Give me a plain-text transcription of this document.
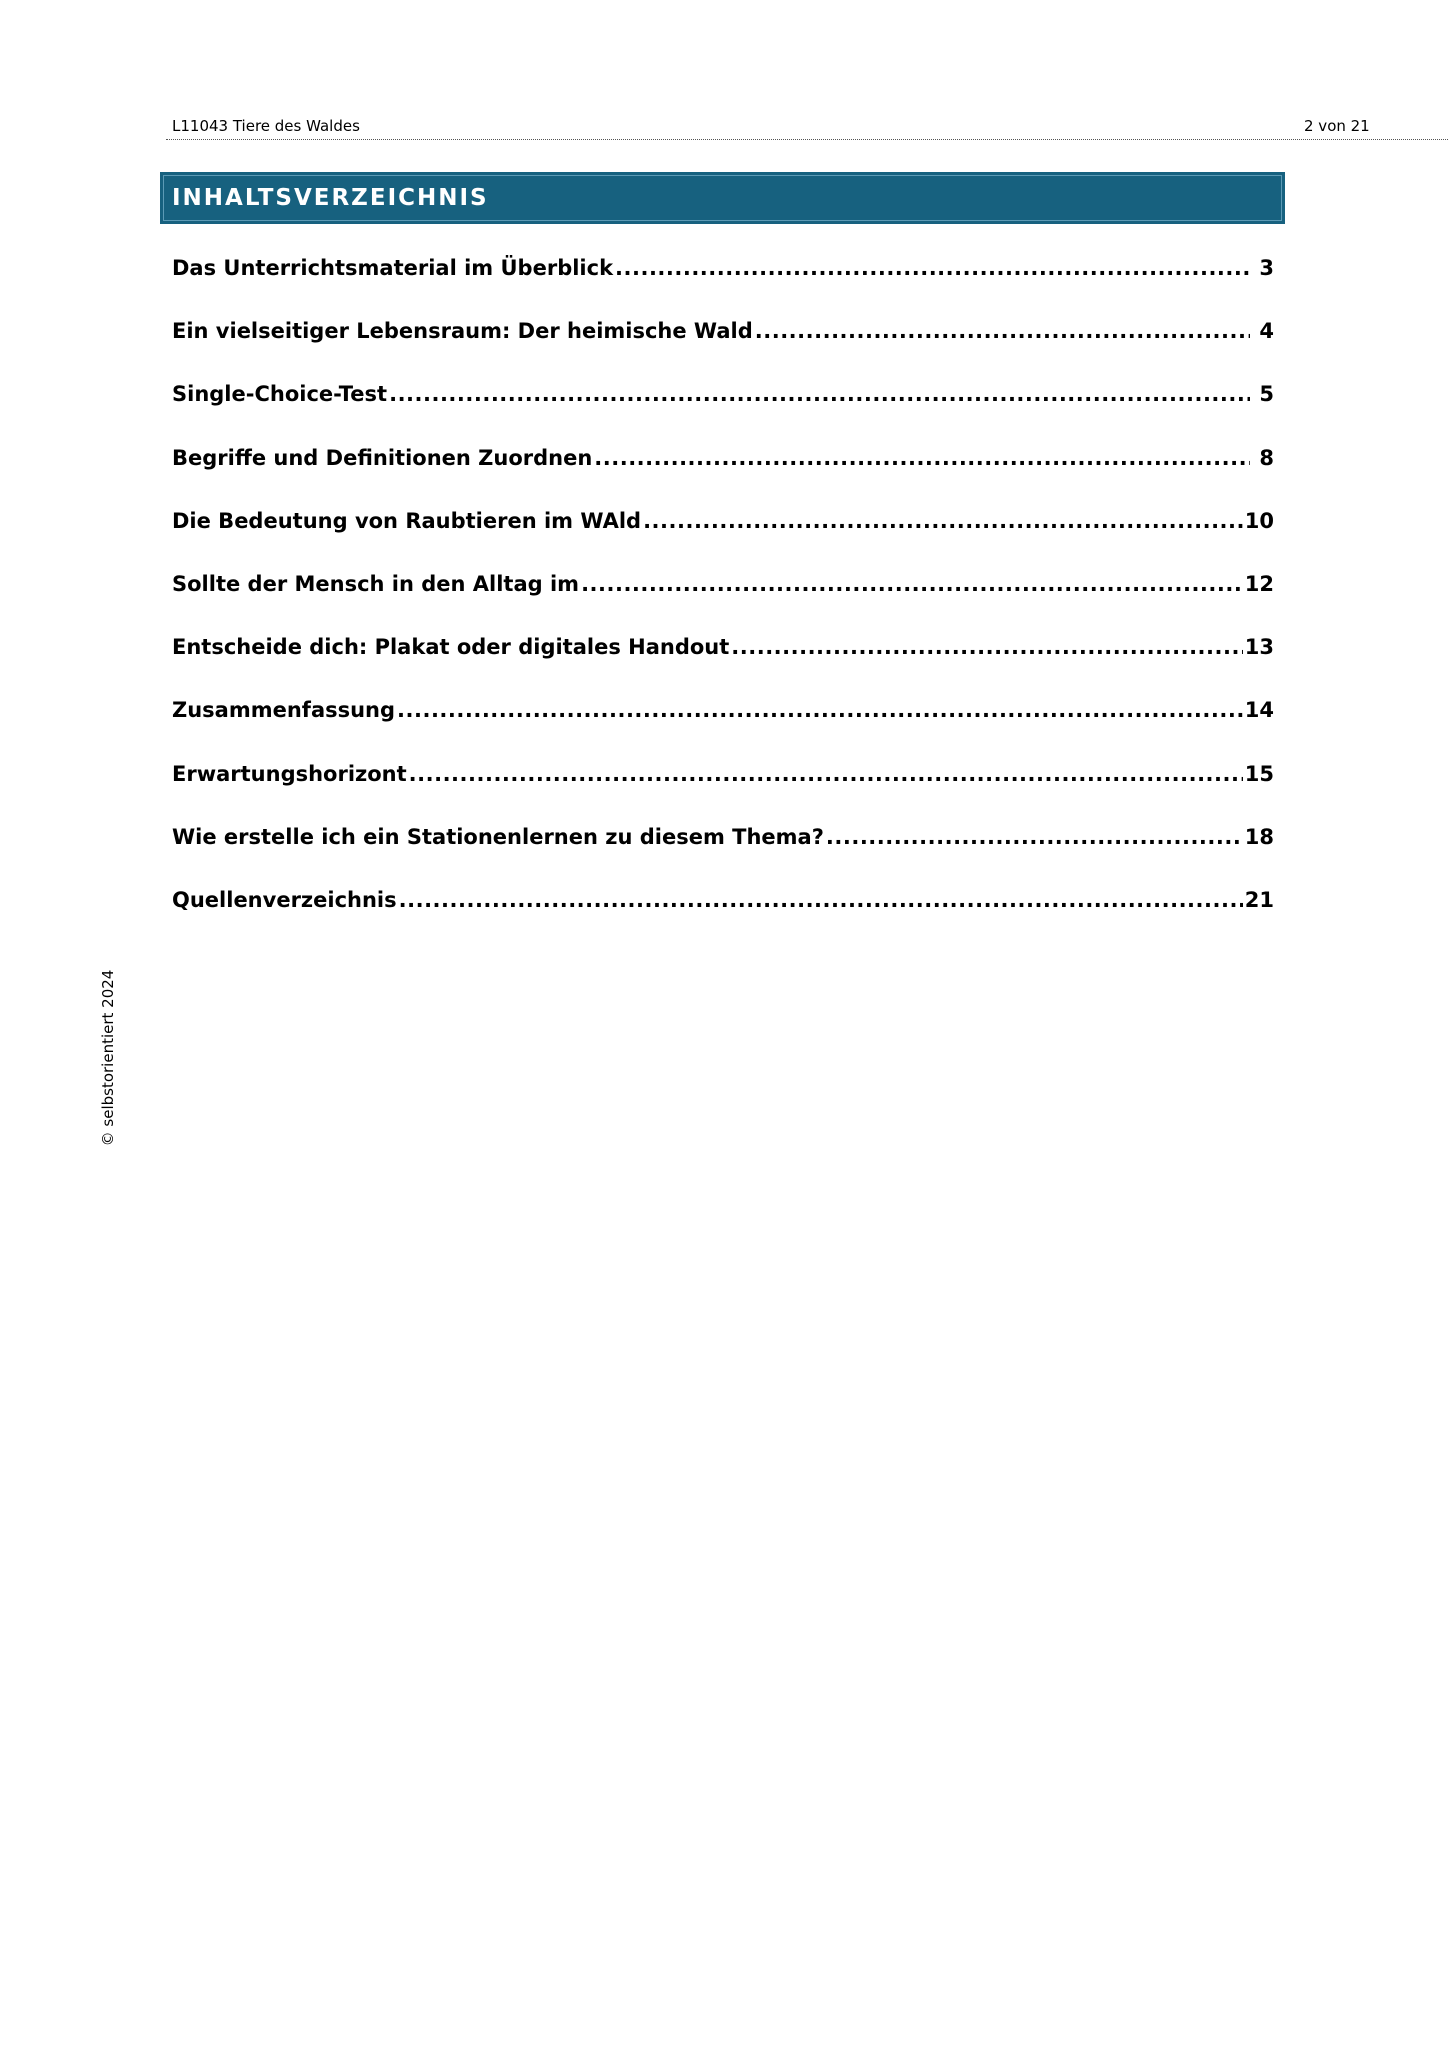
L11043 Tiere des Waldes	2 von 21
INHALTSVERZEICHNIS
Das Unterrichtsmaterial im Überblick .....	3
Ein vielseitiger Lebensraum: Der heimische Wald .....	4
Single-Choice-Test .....	5
Begriffe und Definitionen Zuordnen .....	8
Die Bedeutung von Raubtieren im WAld .....	10
Sollte der Mensch in den Alltag im .....	12
Entscheide dich: Plakat oder digitales Handout .....	13
Zusammenfassung .....	14
Erwartungshorizont .....	15
Wie erstelle ich ein Stationenlernen zu diesem Thema? .....	18
Quellenverzeichnis .....	21
© selbstorientiert 2024
